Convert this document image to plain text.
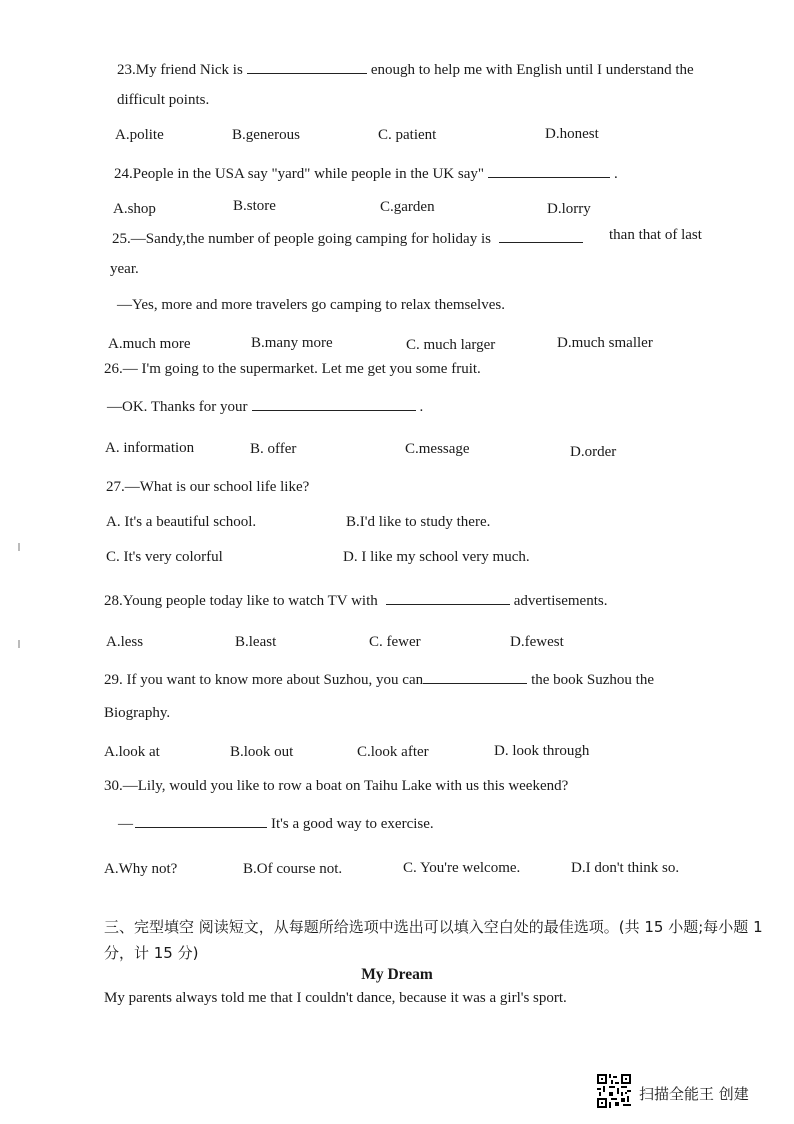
23.My friend Nick is	enough to help me with English until I understand the
difficult points.
A.polite	B.generous	C. patient	D.honest
24.People in the USA say "yard" while people in the UK say"	.
A.shop	B.store	C.garden	D.lorry
25.—Sandy,the number of people going camping for holiday is	than that of last
year.
—Yes, more and more travelers go camping to relax themselves.
A.much more	B.many more	C. much larger	D.much smaller
26.— I'm going to the supermarket. Let me get you some fruit.
—OK. Thanks for your	.
A. information	B. offer	C.message	D.order
27.—What is our school life like?
A. It's a beautiful school.	B.I'd like to study there.
C. It's very colorful	D. I like my school very much.
28.Young people today like to watch TV with	advertisements.
A.less	B.least	C. fewer	D.fewest
29. If you want to know more about Suzhou, you can	the book Suzhou the
Biography.
A.look at	B.look out	C.look after	D. look through
30.—Lily, would you like to row a boat on Taihu Lake with us this weekend?
—	It's a good way to exercise.
A.Why not?	B.Of course not.	C. You're welcome.	D.I don't think so.
三、完型填空 阅读短文，从每题所给选项中选出可以填入空白处的最佳选项。(共 15 小题;每小题 1 分，计 15 分)
My Dream
My parents always told me that I couldn't dance, because it was a girl's sport.
扫描全能王 创建
